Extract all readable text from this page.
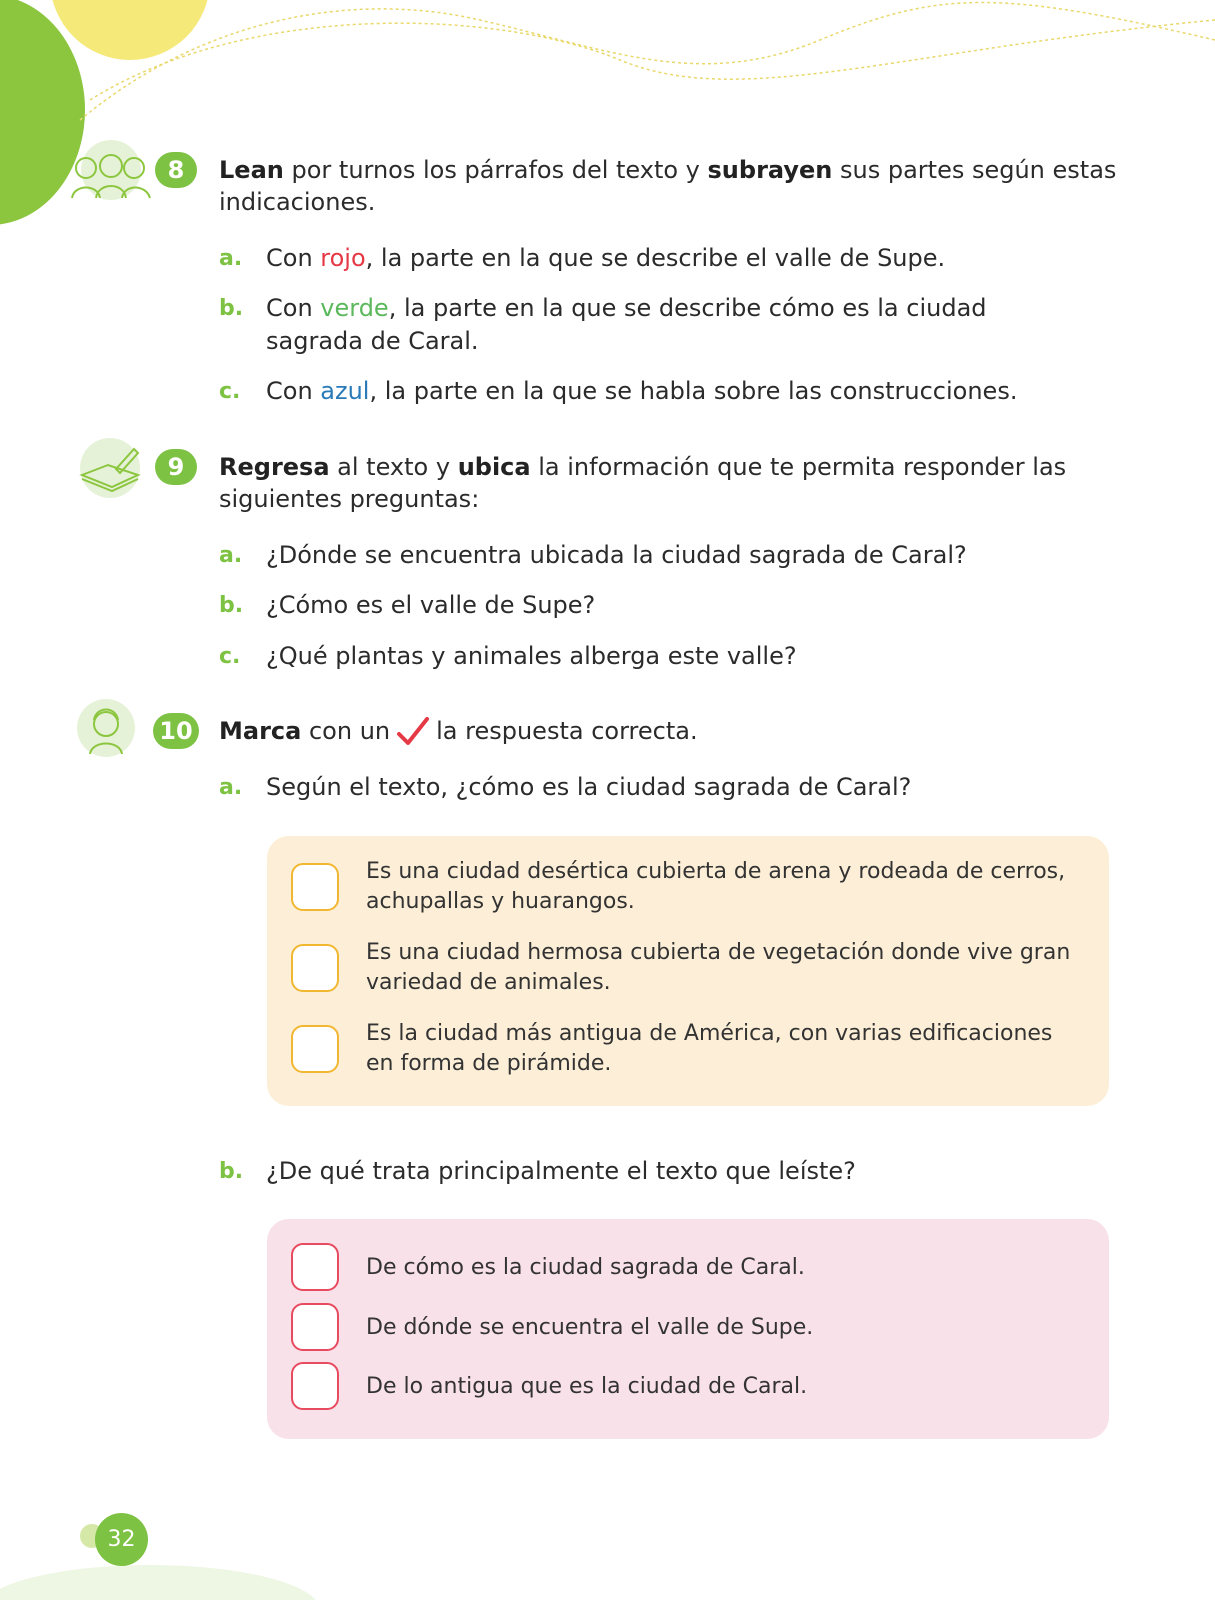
8	Lean por turnos los párrafos del texto y subrayen sus partes según estas indicaciones.
a. Con rojo, la parte en la que se describe el valle de Supe.
b. Con verde, la parte en la que se describe cómo es la ciudad sagrada de Caral.
c. Con azul, la parte en la que se habla sobre las construcciones.
9	Regresa al texto y ubica la información que te permita responder las siguientes preguntas:
a. ¿Dónde se encuentra ubicada la ciudad sagrada de Caral?
b. ¿Cómo es el valle de Supe?
c. ¿Qué plantas y animales alberga este valle?
10 Marca con un la respuesta correcta.
a. Según el texto, ¿cómo es la ciudad sagrada de Caral?
Es una ciudad desértica cubierta de arena y rodeada de cerros, achupallas y huarangos.
Es una ciudad hermosa cubierta de vegetación donde vive gran variedad de animales.
Es la ciudad más antigua de América, con varias edificaciones en forma de pirámide.
b. ¿De qué trata principalmente el texto que leíste?
De cómo es la ciudad sagrada de Caral.
De dónde se encuentra el valle de Supe.
De lo antigua que es la ciudad de Caral.
32
